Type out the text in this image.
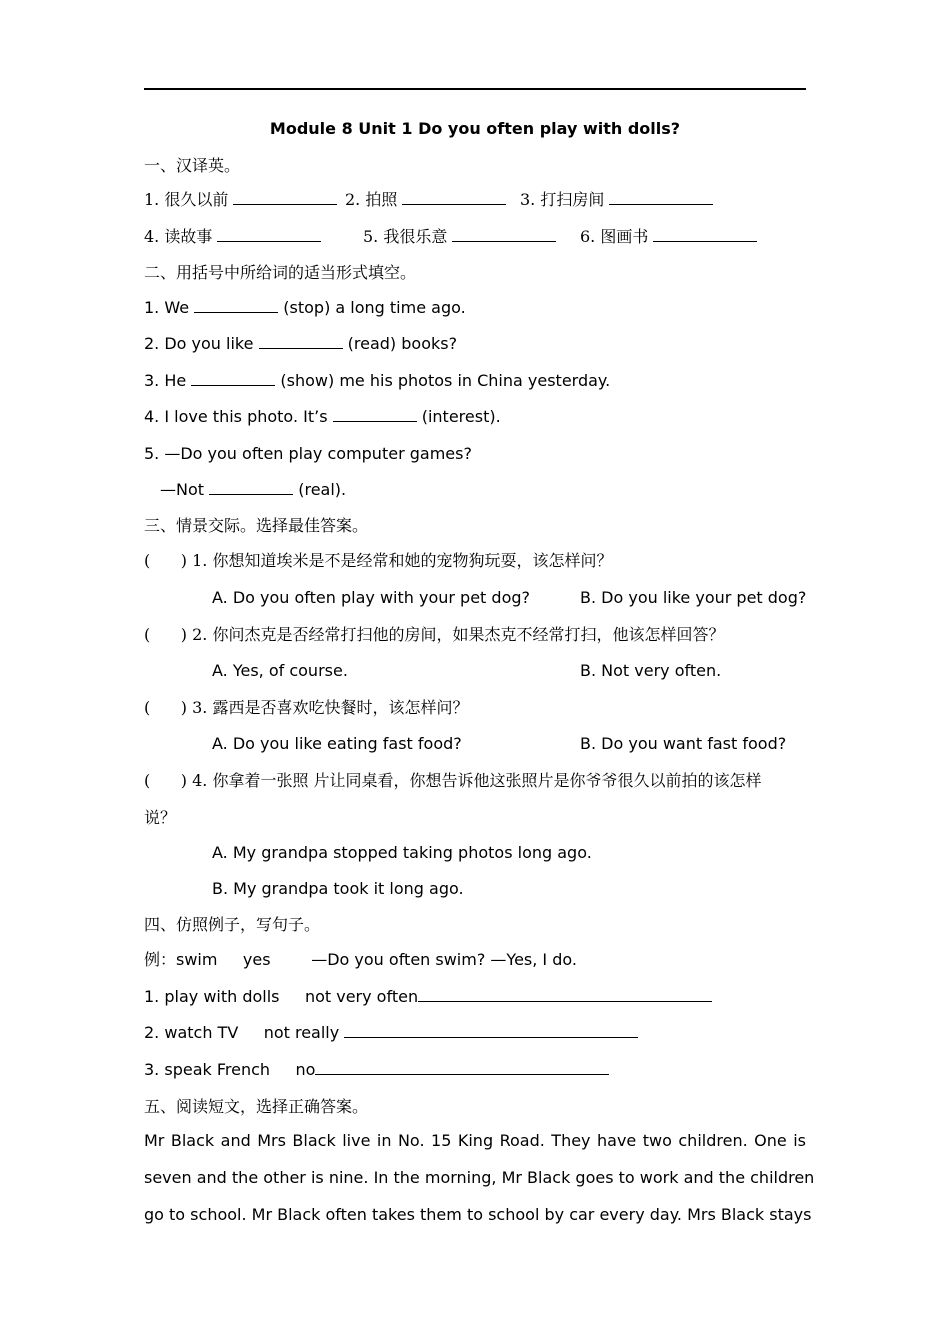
Module 8 Unit 1 Do you often play with dolls?
一、汉译英。
1. 很久以前	2. 拍照	3. 打扫房间
4. 读故事	5. 我很乐意	6. 图画书
二、用括号中所给词的适当形式填空。
1. We	(stop) a long time ago.
2. Do you like	(read) books?
3. He	(show) me his photos in China yesterday.
4. I love this photo. It’s	(interest).
5. —Do you often play computer games?
—Not	(real).
三、情景交际。选择最佳答案。
(      ) 1. 你想知道埃米是不是经常和她的宠物狗玩耍，该怎样问？
A. Do you often play with your pet dog?	B. Do you like your pet dog?
(      ) 2. 你问杰克是否经常打扫他的房间，如果杰克不经常打扫，他该怎样回答？
A. Yes, of course.	B. Not very often.
(      ) 3. 露西是否喜欢吃快餐时，该怎样问？
A. Do you like eating fast food?	B. Do you want fast food?
(      ) 4. 你拿着一张照 片让同桌看，你想告诉他这张照片是你爷爷很久以前拍的该怎样
说？
A. My grandpa stopped taking photos long ago.
B. My grandpa took it long ago.
四、仿照例子，写句子。
例：swim     yes        —Do you often swim? —Yes, I do.
1. play with dolls     not very often
2. watch TV     not really
3. speak French     no
五、阅读短文，选择正确答案。
Mr Black and Mrs Black live in No. 15 King Road. They have two children. One is
seven and the other is nine. In the morning, Mr Black goes to work and the children
go to school. Mr Black often takes them to school by car every day. Mrs Black stays
